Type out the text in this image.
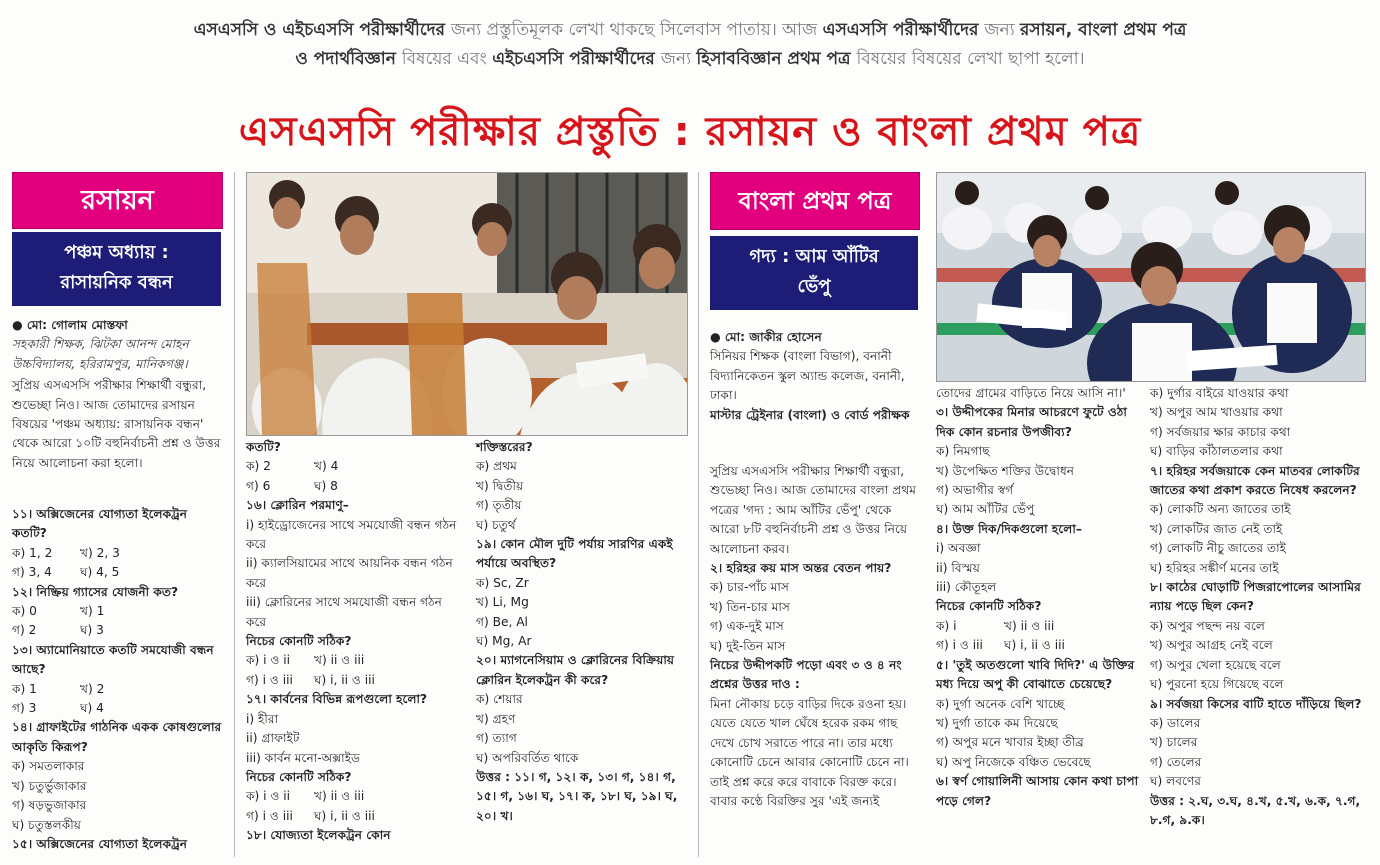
এসএসসি ও এইচএসসি পরীক্ষার্থীদের জন্য প্রস্তুতিমূলক লেখা থাকছে সিলেবাস পাতায়। আজ এসএসসি পরীক্ষার্থীদের জন্য রসায়ন, বাংলা প্রথম পত্র
ও পদার্থবিজ্ঞান বিষয়ের এবং এইচএসসি পরীক্ষার্থীদের জন্য হিসাববিজ্ঞান প্রথম পত্র বিষয়ের বিষয়ের লেখা ছাপা হলো।
এসএসসি পরীক্ষার প্রস্তুতি : রসায়ন ও বাংলা প্রথম পত্র
রসায়ন
পঞ্চম অধ্যায় :
রাসায়নিক বন্ধন

● মো: গোলাম মোস্তফা

সহকারী শিক্ষক, ঝিটকা আনন্দ মোহন উচ্চবিদ্যালয়, হরিরামপুর, মানিকগঞ্জ।

সুপ্রিয় এসএসসি পরীক্ষার শিক্ষার্থী বন্ধুরা, শুভেচ্ছা নিও। আজ তোমাদের রসায়ন বিষয়ের 'পঞ্চম অধ্যায়: রাসায়নিক বন্ধন' থেকে আরো ১০টি বহুনির্বাচনী প্রশ্ন ও উত্তর নিয়ে আলোচনা করা হলো।

১১। অক্সিজেনের যোগ্যতা ইলেকট্রন কতটি?

ক) 1, 2	খ) 2, 3
গ) 3, 4	ঘ) 4, 5

১২। নিষ্ক্রিয় গ্যাসের যোজনী কত?

ক) 0	খ) 1
গ) 2	ঘ) 3

১৩। অ্যামোনিয়াতে কতটি সমযোজী বন্ধন আছে?

ক) 1	খ) 2
গ) 3	ঘ) 4

১৪। গ্রাফাইটের গাঠনিক একক কোষগুলোর আকৃতি কিরূপ?

ক) সমতলাকার

খ) চতুর্ভুজাকার

গ) ষড়ভুজাকার

ঘ) চতুস্তলকীয়

১৫। অক্সিজেনের যোগ্যতা ইলেকট্রন

কতটি?

ক) 2	খ) 4
গ) 6	ঘ) 8

১৬। ক্লোরিন পরমাণু–

i) হাইড্রোজেনের সাথে সমযোজী বন্ধন গঠন করে

ii) ক্যালসিয়ামের সাথে আয়নিক বন্ধন গঠন করে

iii) ক্লোরিনের সাথে সমযোজী বন্ধন গঠন করে

নিচের কোনটি সঠিক?

ক) i ও ii	খ) ii ও iii
গ) i ও iii	ঘ) i, ii ও iii

১৭। কার্বনের বিভিন্ন রূপগুলো হলো?

i) হীরা

ii) গ্রাফাইট

iii) কার্বন মনো-অক্সাইড

নিচের কোনটি সঠিক?

ক) i ও ii	খ) ii ও iii
গ) i ও iii	ঘ) i, ii ও iii

১৮। যোজ্যতা ইলেকট্রন কোন

শক্তিস্তরের?

ক) প্রথম

খ) দ্বিতীয়

গ) তৃতীয়

ঘ) চতুর্থ

১৯। কোন মৌল দুটি পর্যায় সারণির একই পর্যায়ে অবস্থিত?

ক) Sc, Zr

খ) Li, Mg

গ) Be, Al

ঘ) Mg, Ar

২০। ম্যাগনেসিয়াম ও ক্লোরিনের বিক্রিয়ায় ক্লোরিন ইলেকট্রন কী করে?

ক) শেয়ার

খ) গ্রহণ

গ) ত্যাগ

ঘ) অপরিবর্তিত থাকে

উত্তর : ১১। গ, ১২। ক, ১৩। গ, ১৪। গ, ১৫। গ, ১৬। ঘ, ১৭। ক, ১৮। ঘ, ১৯। ঘ, ২০। খ।

বাংলা প্রথম পত্র
গদ্য : আম আঁটির
ভেঁপু

● মো: জাকীর হোসেন

সিনিয়র শিক্ষক (বাংলা বিভাগ), বনানী বিদ্যানিকেতন স্কুল অ্যান্ড কলেজ, বনানী, ঢাকা।

মাস্টার ট্রেইনার (বাংলা) ও বোর্ড পরীক্ষক

সুপ্রিয় এসএসসি পরীক্ষার শিক্ষার্থী বন্ধুরা, শুভেচ্ছা নিও। আজ তোমাদের বাংলা প্রথম পত্রের 'গদ্য : আম আঁটির ভেঁপু' থেকে আরো ৮টি বহুনির্বাচনী প্রশ্ন ও উত্তর নিয়ে আলোচনা করব।

২। হরিহর কয় মাস অন্তর বেতন পায়?

ক) চার-পাঁচ মাস

খ) তিন-চার মাস

গ) এক-দুই মাস

ঘ) দুই-তিন মাস

নিচের উদ্দীপকটি পড়ো এবং ৩ ও ৪ নং প্রশ্নের উত্তর দাও :

মিনা নৌকায় চড়ে বাড়ির দিকে রওনা হয়। যেতে যেতে খাল ঘেঁষে হরেক রকম গাছ দেখে চোখ সরাতে পারে না। তার মধ্যে কোনোটি চেনে আবার কোনোটি চেনে না। তাই প্রশ্ন করে করে বাবাকে বিরক্ত করে। বাবার কণ্ঠে বিরক্তির সুর 'এই জন্যই

তোদের গ্রামের বাড়িতে নিয়ে আসি না।'

৩। উদ্দীপকের মিনার আচরণে ফুটে ওঠা দিক কোন রচনার উপজীব্য?

ক) নিমগাছ

খ) উপেক্ষিত শক্তির উদ্বোধন

গ) অভাগীর স্বর্গ

ঘ) আম আঁটির ভেঁপু

৪। উক্ত দিক/দিকগুলো হলো–

i) অবজ্ঞা

ii) বিস্ময়

iii) কৌতূহল

নিচের কোনটি সঠিক?

ক) i	খ) ii ও iii
গ) i ও iii	ঘ) i, ii ও iii

৫। 'তুই অতগুলো খাবি দিদি?' এ উক্তির মধ্য দিয়ে অপু কী বোঝাতে চেয়েছে?

ক) দুর্গা অনেক বেশি খাচ্ছে

খ) দুর্গা তাকে কম দিয়েছে

গ) অপুর মনে খাবার ইচ্ছা তীব্র

ঘ) অপু নিজেকে বঞ্চিত ভেবেছে

৬। স্বর্ণ গোয়ালিনী আসায় কোন কথা চাপা পড়ে গেল?

ক) দুর্গার বাইরে যাওয়ার কথা

খ) অপুর আম খাওয়ার কথা

গ) সর্বজয়ার ক্ষার কাচার কথা

ঘ) বাড়ির কাঁঠালতলার কথা

৭। হরিহর সর্বজয়াকে কেন মাতবর লোকটির জাতের কথা প্রকাশ করতে নিষেধ করলেন?

ক) লোকটি অন্য জাতের তাই

খ) লোকটির জাত নেই তাই

গ) লোকটি নীচু জাতের তাই

ঘ) হরিহর সঙ্কীর্ণ মনের তাই

৮। কাঠের ঘোড়াটি পিজরাপোলের আসামির ন্যায় পড়ে ছিল কেন?

ক) অপুর পছন্দ নয় বলে

খ) অপুর আগ্রহ নেই বলে

গ) অপুর খেলা হয়েছে বলে

ঘ) পুরনো হয়ে গিয়েছে বলে

৯। সর্বজয়া কিসের বাটি হাতে দাঁড়িয়ে ছিল?

ক) ডালের

খ) চালের

গ) তেলের

ঘ) লবণের

উত্তর : ২.ঘ, ৩.ঘ, ৪.খ, ৫.খ, ৬.ক, ৭.গ, ৮.গ, ৯.ক।
